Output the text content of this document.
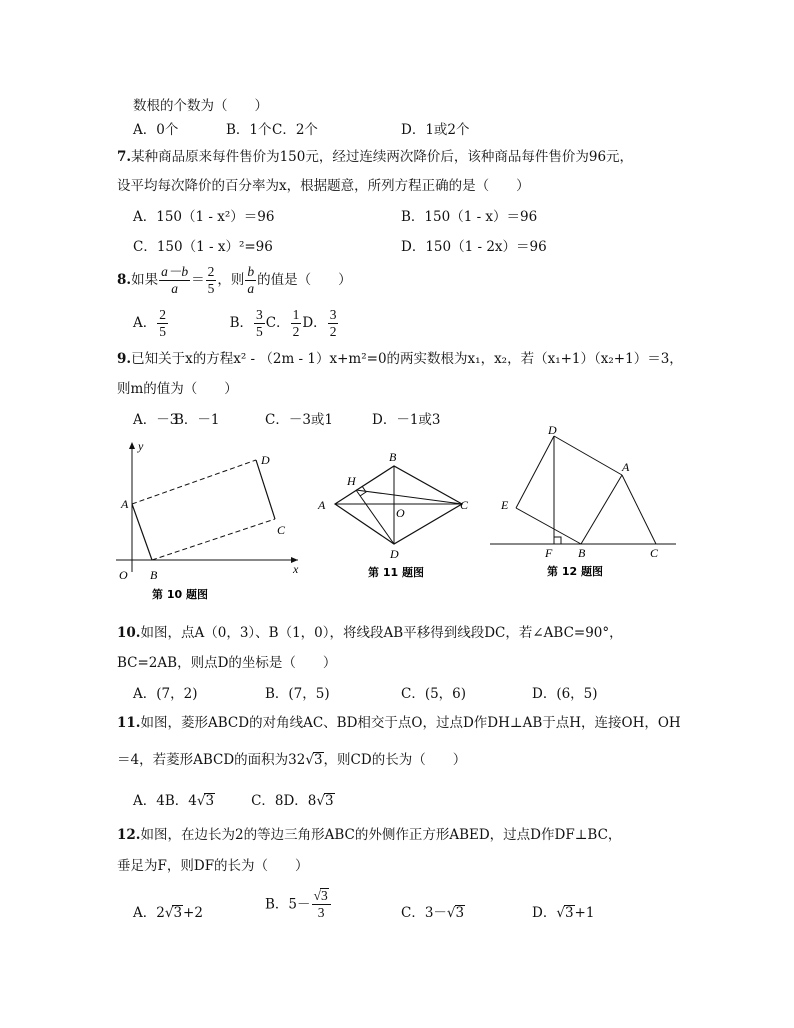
数根的个数为（　　）
A．0个	B．1个 C．2个	D．1或2个
7.某种商品原来每件售价为150元，经过连续两次降价后，该种商品每件售价为96元，
设平均每次降价的百分率为x，根据题意，所列方程正确的是（　　）
A．150（1 - x²）＝96	B．150（1 - x）＝96
C．150（1 - x）²=96	D．150（1 - 2x）＝96
8.如果 $\frac{a-b}{a} = \frac{2}{5}$ ，则 $\frac{b}{a}$ 的值是（　　）
A． $\frac{2}{5}$	B． $\frac{3}{5}$ C． $\frac{1}{2}$ D． $\frac{3}{2}$
9.已知关于x的方程x² - （2m - 1）x+m²=0的两实数根为x₁，x₂，若（x₁+1）（x₂+1）＝3，
则m的值为（　　）
A．－3
B．－1	C．－3或1	D．－1或3
y
x
O
A
B
C
D
第 10 题图
A
B
C
D
H
O
第 11 题图
D
A
E
F B	C
第 12 题图
10.如图，点A（0，3）、B（1，0），将线段AB平移得到线段DC，若∠ABC=90°，
BC=2AB，则点D的坐标是（　　）
A．(7，2)	B．(7，5)	C．(5，6)	D．(6，5)
11.如图，菱形ABCD的对角线AC、BD相交于点O，过点D作DH⊥AB于点H，连接OH，OH
＝4，若菱形ABCD的面积为32√3，则CD的长为（　　）
A．4B．4√3	C．8D．8√3
12.如图，在边长为2的等边三角形ABC的外侧作正方形ABED，过点D作DF⊥BC，
垂足为F，则DF的长为（　　）
A．2√3+2
B．$5- \frac{√3}{3}$	C．3－√3	D．√3+1
